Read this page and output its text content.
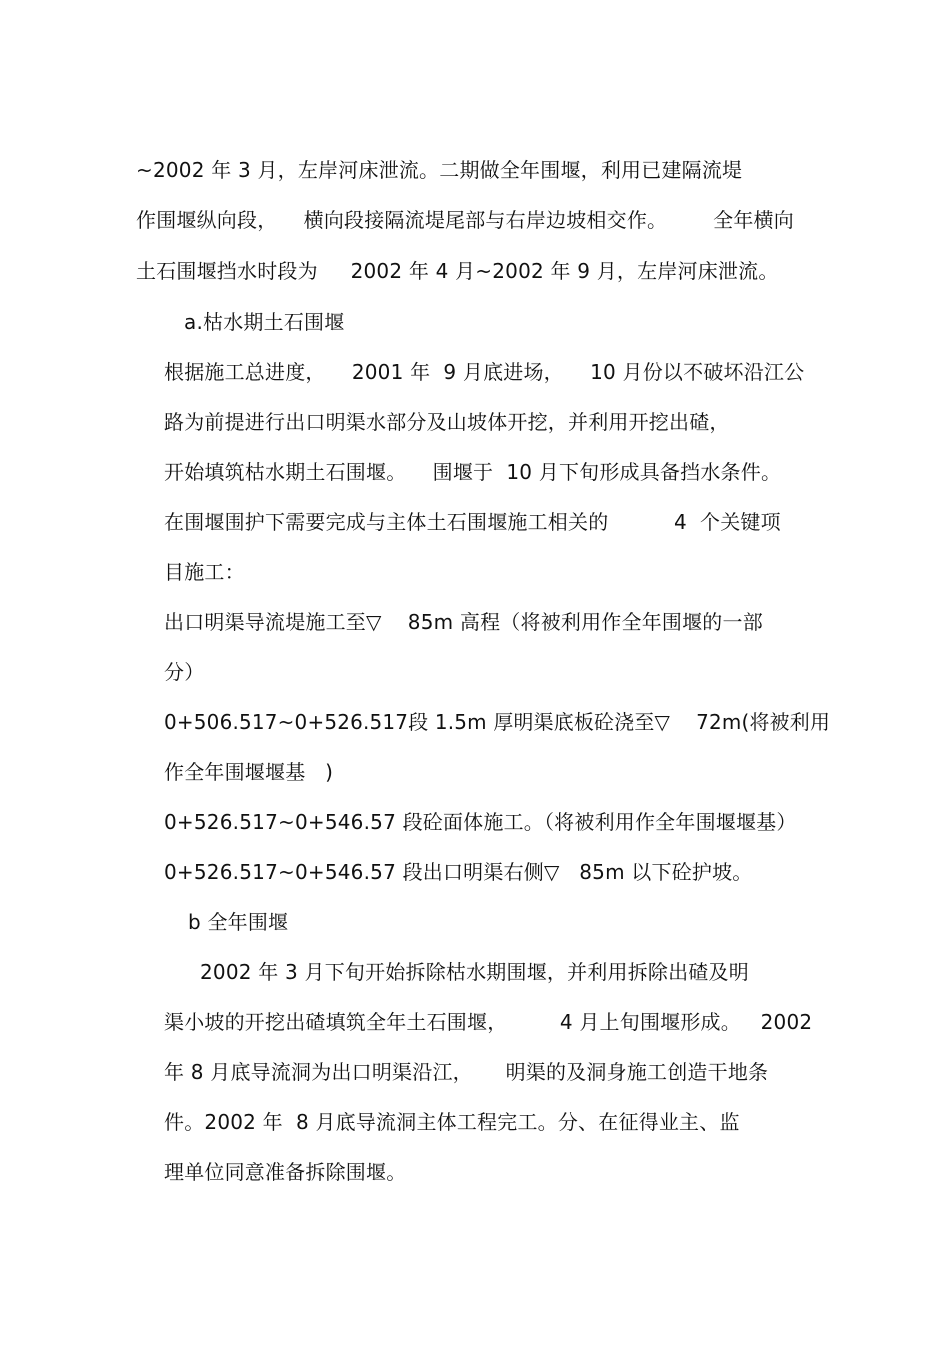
~2002 年 3 月，左岸河床泄流。二期做全年围堰，利用已建隔流堤
作围堰纵向段，    横向段接隔流堤尾部与右岸边坡相交作。       全年横向
土石围堰挡水时段为     2002 年 4 月~2002 年 9 月，左岸河床泄流。
a.枯水期土石围堰
根据施工总进度，    2001 年  9 月底进场，    10 月份以不破坏沿江公
路为前提进行出口明渠水部分及山坡体开挖，并利用开挖出碴，
开始填筑枯水期土石围堰。    围堰于  10 月下旬形成具备挡水条件。
在围堰围护下需要完成与主体土石围堰施工相关的          4  个关键项
目施工：
出口明渠导流堤施工至▽    85m 高程（将被利用作全年围堰的一部
分）
0+506.517~0+526.517段 1.5m 厚明渠底板砼浇至▽    72m(将被利用
作全年围堰堰基   )
0+526.517~0+546.57 段砼面体施工。（将被利用作全年围堰堰基）
0+526.517~0+546.57 段出口明渠右侧▽   85m 以下砼护坡。
b 全年围堰
2002 年 3 月下旬开始拆除枯水期围堰，并利用拆除出碴及明
渠小坡的开挖出碴填筑全年土石围堰，        4 月上旬围堰形成。   2002
年 8 月底导流洞为出口明渠沿江，     明渠的及洞身施工创造干地条
件。2002 年  8 月底导流洞主体工程完工。分、在征得业主、监
理单位同意准备拆除围堰。
